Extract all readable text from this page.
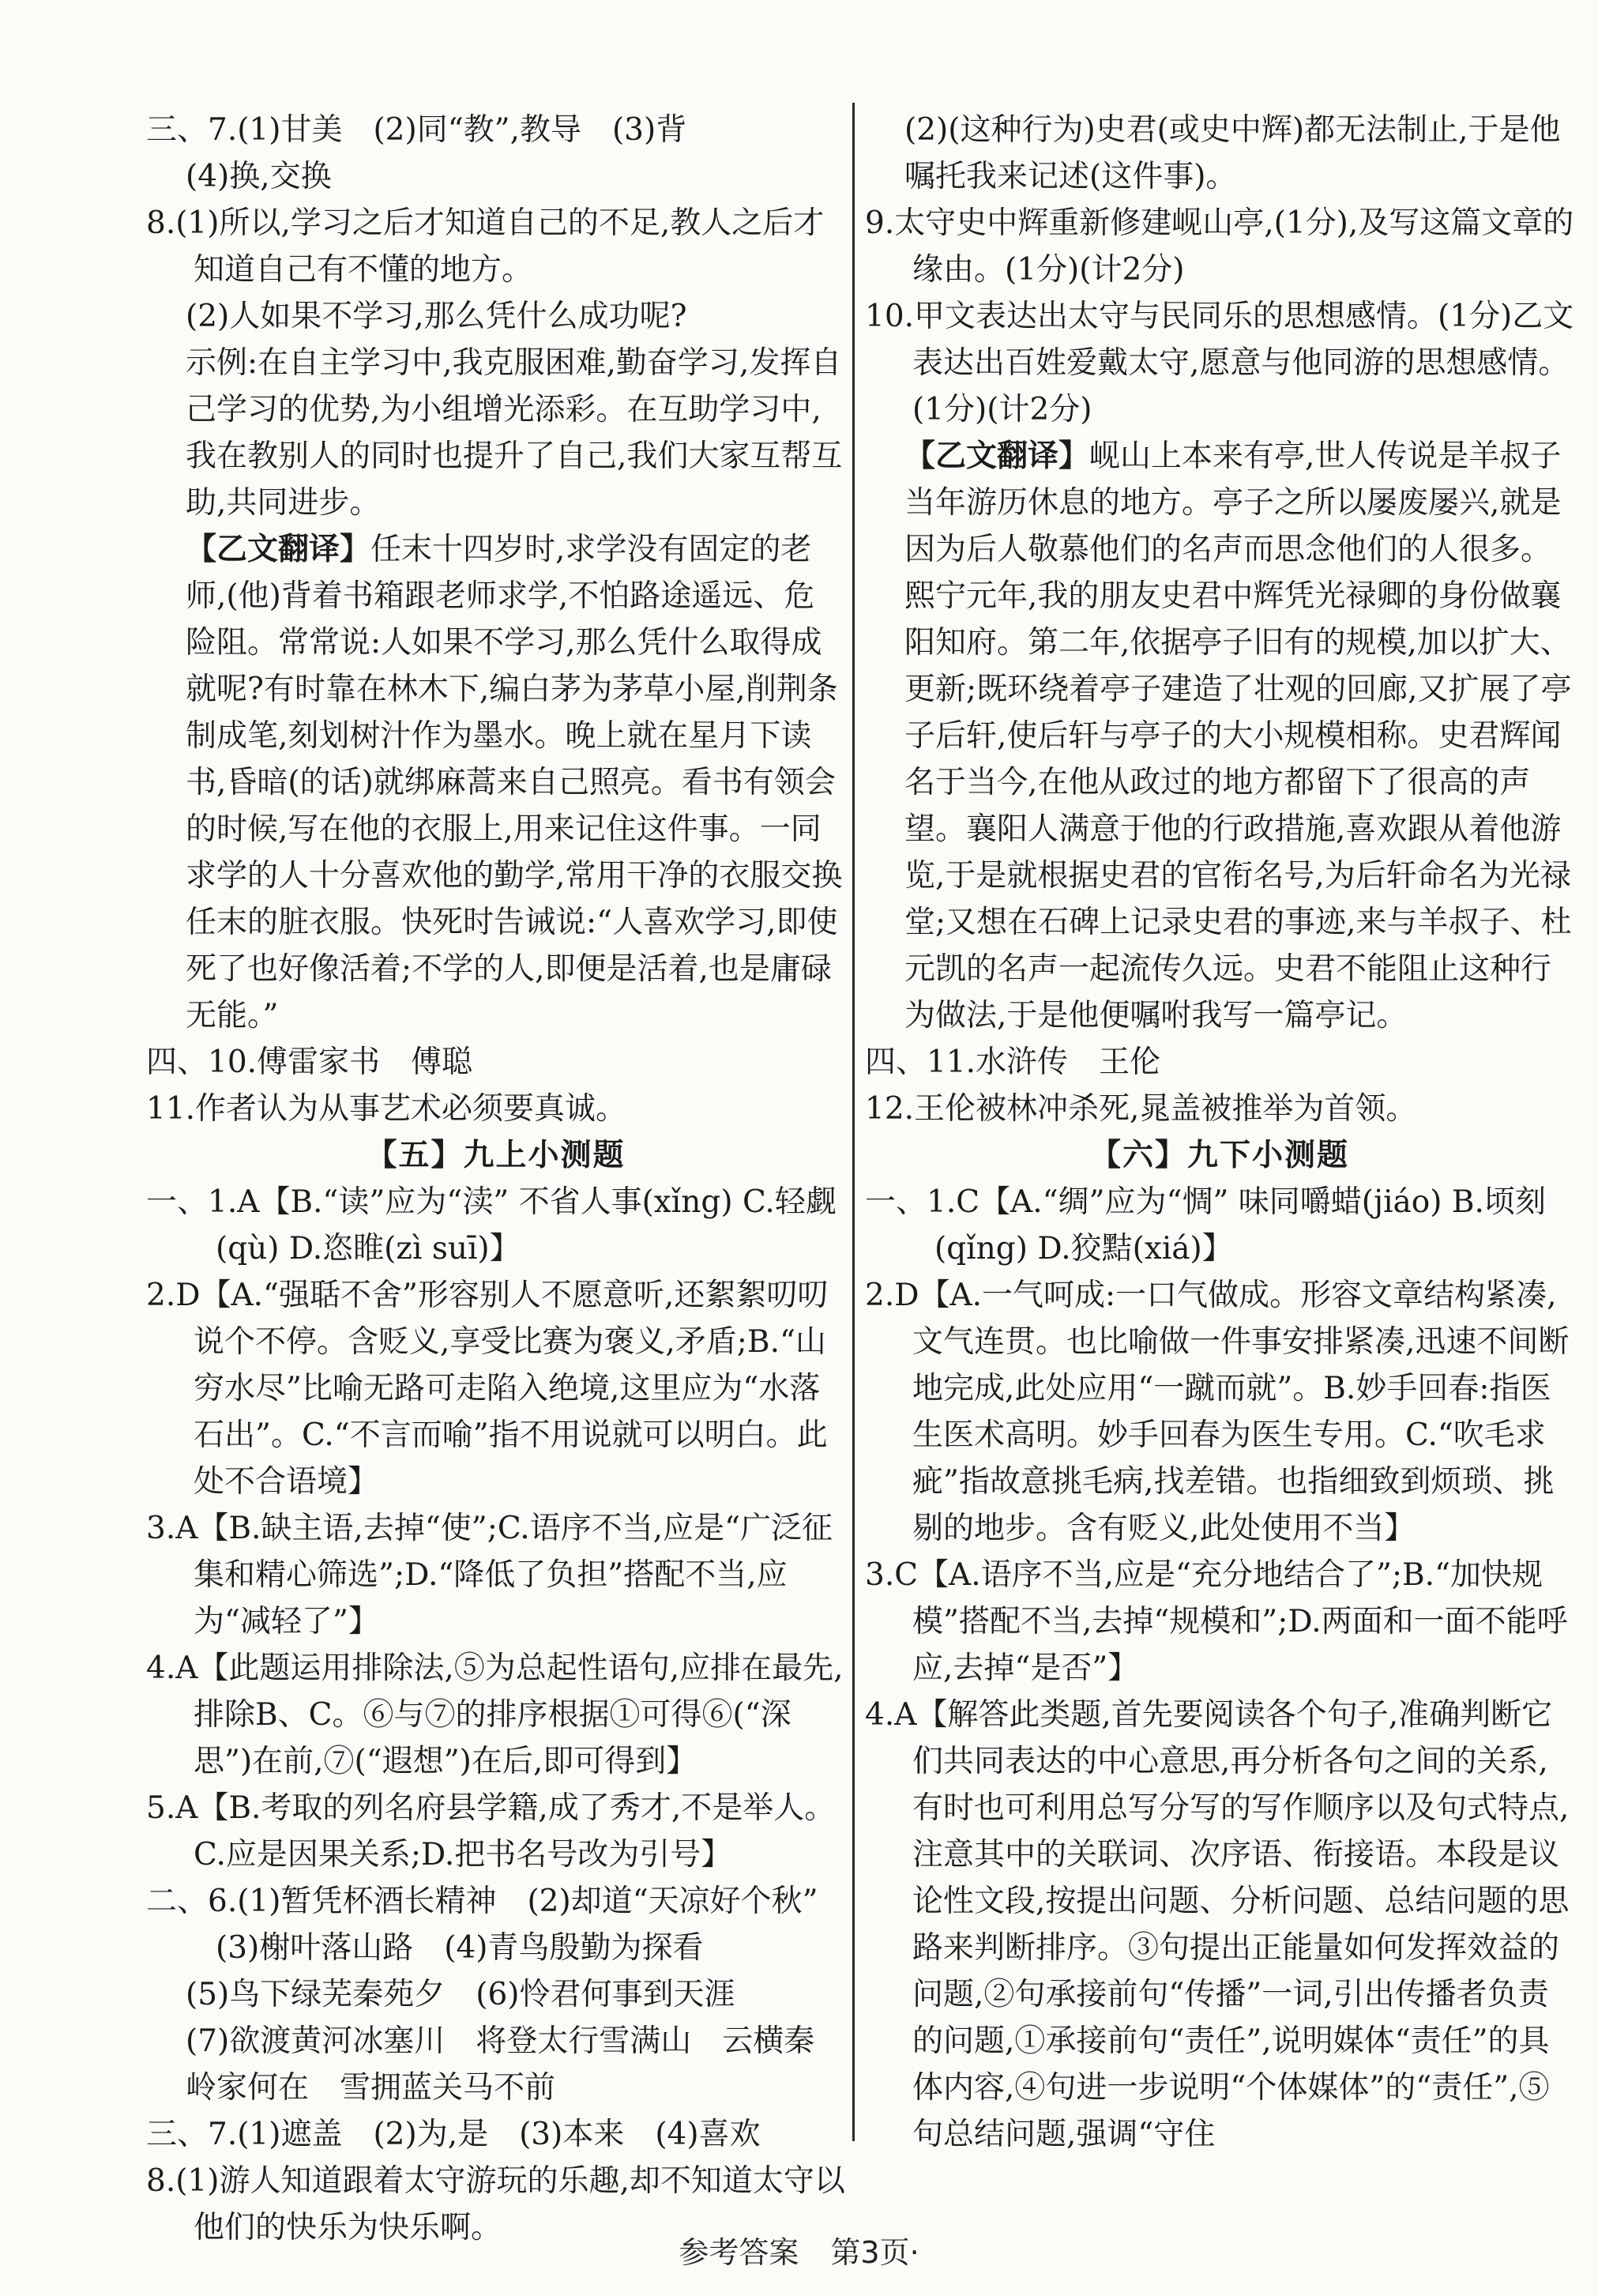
三、7.(1)甘美　(2)同“教”,教导　(3)背
(4)换,交换
8.(1)所以,学习之后才知道自己的不足,教人之后才知道自己有不懂的地方。
(2)人如果不学习,那么凭什么成功呢?
示例:在自主学习中,我克服困难,勤奋学习,发挥自己学习的优势,为小组增光添彩。在互助学习中,我在教别人的同时也提升了自己,我们大家互帮互助,共同进步。
【乙文翻译】任末十四岁时,求学没有固定的老师,(他)背着书箱跟老师求学,不怕路途遥远、危险阻。常常说:人如果不学习,那么凭什么取得成就呢?有时靠在林木下,编白茅为茅草小屋,削荆条制成笔,刻划树汁作为墨水。晚上就在星月下读书,昏暗(的话)就绑麻蒿来自己照亮。看书有领会的时候,写在他的衣服上,用来记住这件事。一同求学的人十分喜欢他的勤学,常用干净的衣服交换任末的脏衣服。快死时告诫说:“人喜欢学习,即使死了也好像活着;不学的人,即便是活着,也是庸碌无能。”
四、10.傅雷家书　傅聪
11.作者认为从事艺术必须要真诚。
【五】九上小测题
一、1.A【B.“读”应为“渎” 不省人事(xǐng) C.轻觑(qù) D.恣睢(zì suī)】
2.D【A.“强聒不舍”形容别人不愿意听,还絮絮叨叨说个不停。含贬义,享受比赛为褒义,矛盾;B.“山穷水尽”比喻无路可走陷入绝境,这里应为“水落石出”。C.“不言而喻”指不用说就可以明白。此处不合语境】
3.A【B.缺主语,去掉“使”;C.语序不当,应是“广泛征集和精心筛选”;D.“降低了负担”搭配不当,应为“减轻了”】
4.A【此题运用排除法,⑤为总起性语句,应排在最先,排除B、C。⑥与⑦的排序根据①可得⑥(“深思”)在前,⑦(“遐想”)在后,即可得到】
5.A【B.考取的列名府县学籍,成了秀才,不是举人。C.应是因果关系;D.把书名号改为引号】
二、6.(1)暂凭杯酒长精神　(2)却道“天凉好个秋”　(3)榭叶落山路　(4)青鸟殷勤为探看
(5)鸟下绿芜秦苑夕　(6)怜君何事到天涯
(7)欲渡黄河冰塞川　将登太行雪满山　云横秦岭家何在　雪拥蓝关马不前
三、7.(1)遮盖　(2)为,是　(3)本来　(4)喜欢
8.(1)游人知道跟着太守游玩的乐趣,却不知道太守以他们的快乐为快乐啊。
(2)(这种行为)史君(或史中辉)都无法制止,于是他嘱托我来记述(这件事)。
9.太守史中辉重新修建岘山亭,(1分),及写这篇文章的缘由。(1分)(计2分)
10.甲文表达出太守与民同乐的思想感情。(1分)乙文表达出百姓爱戴太守,愿意与他同游的思想感情。(1分)(计2分)
【乙文翻译】岘山上本来有亭,世人传说是羊叔子当年游历休息的地方。亭子之所以屡废屡兴,就是因为后人敬慕他们的名声而思念他们的人很多。熙宁元年,我的朋友史君中辉凭光禄卿的身份做襄阳知府。第二年,依据亭子旧有的规模,加以扩大、更新;既环绕着亭子建造了壮观的回廊,又扩展了亭子后轩,使后轩与亭子的大小规模相称。史君辉闻名于当今,在他从政过的地方都留下了很高的声望。襄阳人满意于他的行政措施,喜欢跟从着他游览,于是就根据史君的官衔名号,为后轩命名为光禄堂;又想在石碑上记录史君的事迹,来与羊叔子、杜元凯的名声一起流传久远。史君不能阻止这种行为做法,于是他便嘱咐我写一篇亭记。
四、11.水浒传　王伦
12.王伦被林冲杀死,晁盖被推举为首领。
【六】九下小测题
一、1.C【A.“绸”应为“惆” 味同嚼蜡(jiáo) B.顷刻(qǐng) D.狡黠(xiá)】
2.D【A.一气呵成:一口气做成。形容文章结构紧凑,文气连贯。也比喻做一件事安排紧凑,迅速不间断地完成,此处应用“一蹴而就”。B.妙手回春:指医生医术高明。妙手回春为医生专用。C.“吹毛求疵”指故意挑毛病,找差错。也指细致到烦琐、挑剔的地步。含有贬义,此处使用不当】
3.C【A.语序不当,应是“充分地结合了”;B.“加快规模”搭配不当,去掉“规模和”;D.两面和一面不能呼应,去掉“是否”】
4.A【解答此类题,首先要阅读各个句子,准确判断它们共同表达的中心意思,再分析各句之间的关系,有时也可利用总写分写的写作顺序以及句式特点,注意其中的关联词、次序语、衔接语。本段是议论性文段,按提出问题、分析问题、总结问题的思路来判断排序。③句提出正能量如何发挥效益的问题,②句承接前句“传播”一词,引出传播者负责的问题,①承接前句“责任”,说明媒体“责任”的具体内容,④句进一步说明“个体媒体”的“责任”,⑤句总结问题,强调“守住
参考答案 第3页·
